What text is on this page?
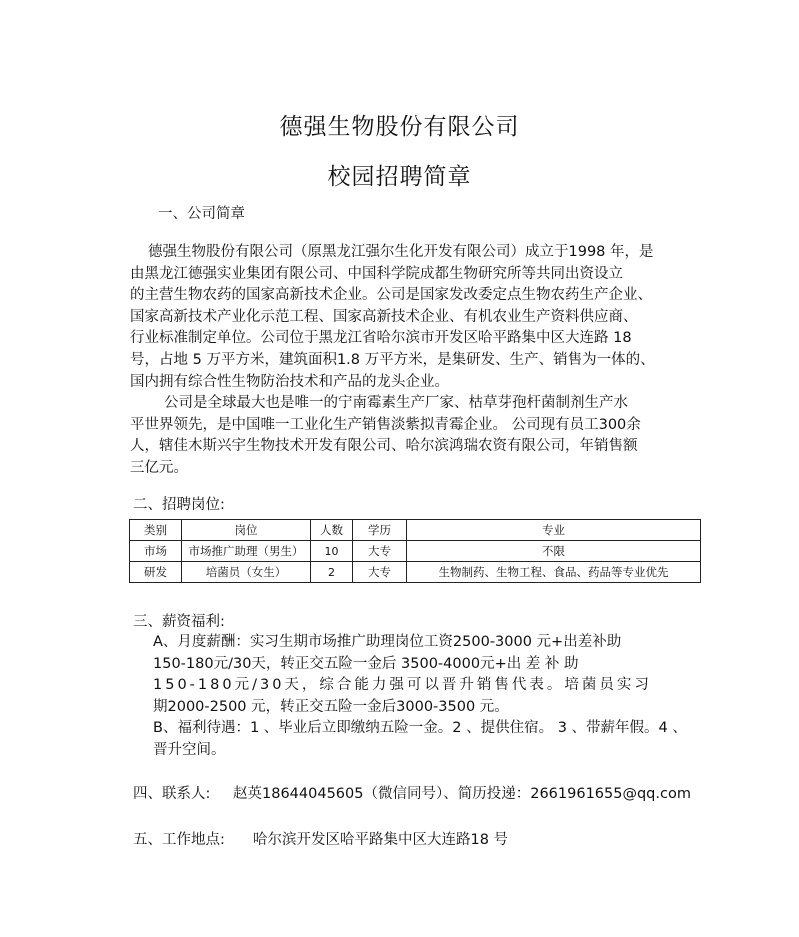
德强生物股份有限公司
校园招聘简章
一、公司简章
德强生物股份有限公司（原黑龙江强尔生化开发有限公司）成立于1998 年，是
由黑龙江德强实业集团有限公司、中国科学院成都生物研究所等共同出资设立
的主营生物农药的国家高新技术企业。公司是国家发改委定点生物农药生产企业、
国家高新技术产业化示范工程、国家高新技术企业、有机农业生产资料供应商、
行业标准制定单位。公司位于黑龙江省哈尔滨市开发区哈平路集中区大连路 18
号，占地 5 万平方米，建筑面积1.8 万平方米，是集研发、生产、销售为一体的、
国内拥有综合性生物防治技术和产品的龙头企业。
公司是全球最大也是唯一的宁南霉素生产厂家、枯草芽孢杆菌制剂生产水
平世界领先，是中国唯一工业化生产销售淡紫拟青霉企业。 公司现有员工300余
人，辖佳木斯兴宇生物技术开发有限公司、哈尔滨鸿瑞农资有限公司，年销售额
三亿元。
二、招聘岗位:
类别	岗位	人数	学历	专业
市场	市场推广助理（男生）	10	大专	不限
研发	培菌员（女生）	2	大专	生物制药、生物工程、食品、药品等专业优先
三、薪资福利:
A、月度薪酬：实习生期市场推广助理岗位工资2500-3000 元+出差补助
150-180元/30天，转正交五险一金后 3500-4000元+出 差 补 助
150-180元/30天，综合能力强可以晋升销售代表。培菌员实习
期2000-2500 元，转正交五险一金后3000-3500 元。
B、福利待遇：1 、毕业后立即缴纳五险一金。2 、提供住宿。 3 、带薪年假。4 、
晋升空间。
四、联系人: 赵英18644045605（微信同号）、简历投递：2661961655@qq.com
五、工作地点: 哈尔滨开发区哈平路集中区大连路18 号
